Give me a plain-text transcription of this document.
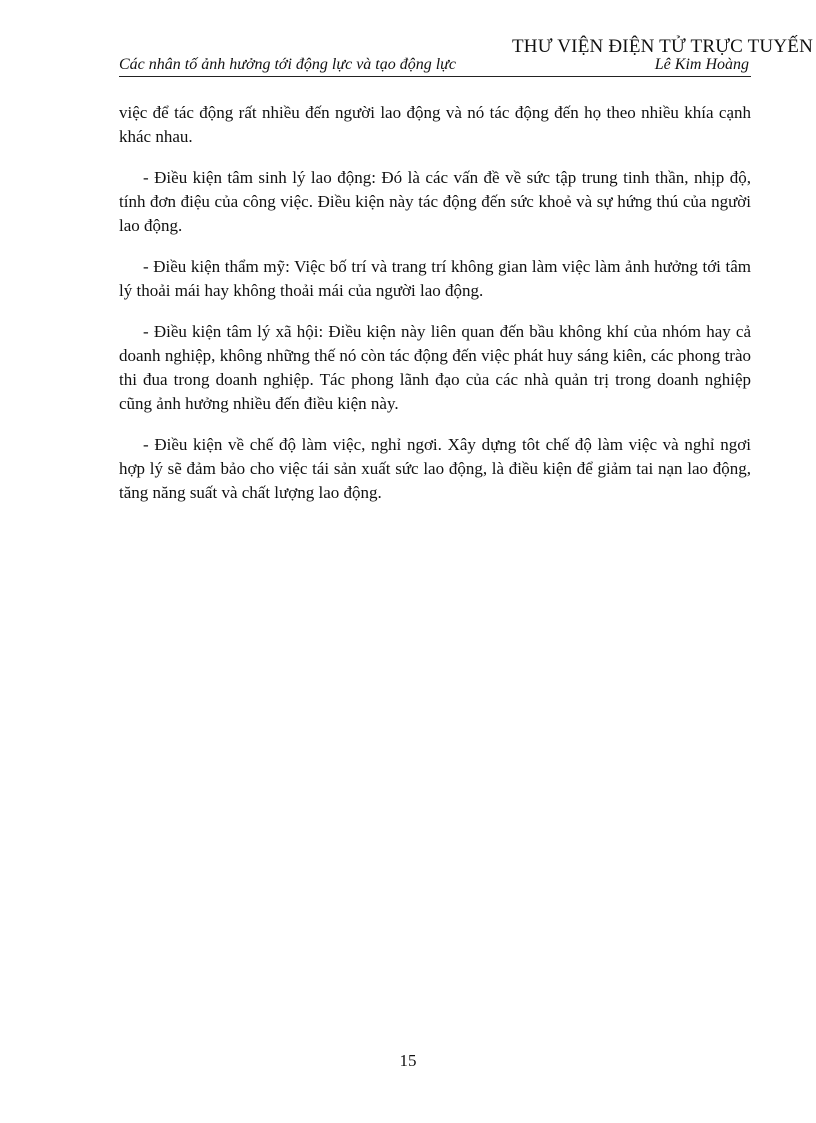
THƯ VIỆN ĐIỆN TỬ TRỰC TUYẾN
Các nhân tố ảnh hưởng tới động lực và tạo động lực	Lê Kim Hoàng

việc để tác động rất nhiều đến người lao động và nó tác động đến họ theo nhiều khía cạnh khác nhau.

- Điều kiện tâm sinh lý lao động: Đó là các vấn đề về sức tập trung tinh thần, nhịp độ, tính đơn điệu của công việc. Điều kiện này tác động đến sức khoẻ và sự hứng thú của người lao động.

- Điều kiện thẩm mỹ: Việc bố trí và trang trí không gian làm việc làm ảnh hưởng tới tâm lý thoải mái hay không thoải mái của người lao động.

- Điều kiện tâm lý xã hội: Điều kiện này liên quan đến bầu không khí của nhóm hay cả doanh nghiệp, không những thế nó còn tác động đến việc phát huy sáng kiên, các phong trào thi đua trong doanh nghiệp. Tác phong lãnh đạo của các nhà quản trị trong doanh nghiệp cũng ảnh hưởng nhiều đến điều kiện này.

- Điều kiện về chế độ làm việc, nghỉ ngơi. Xây dựng tôt chế độ làm việc và nghỉ ngơi hợp lý sẽ đảm bảo cho việc tái sản xuất sức lao động, là điều kiện để giảm tai nạn lao động, tăng năng suất và chất lượng lao động.

15
